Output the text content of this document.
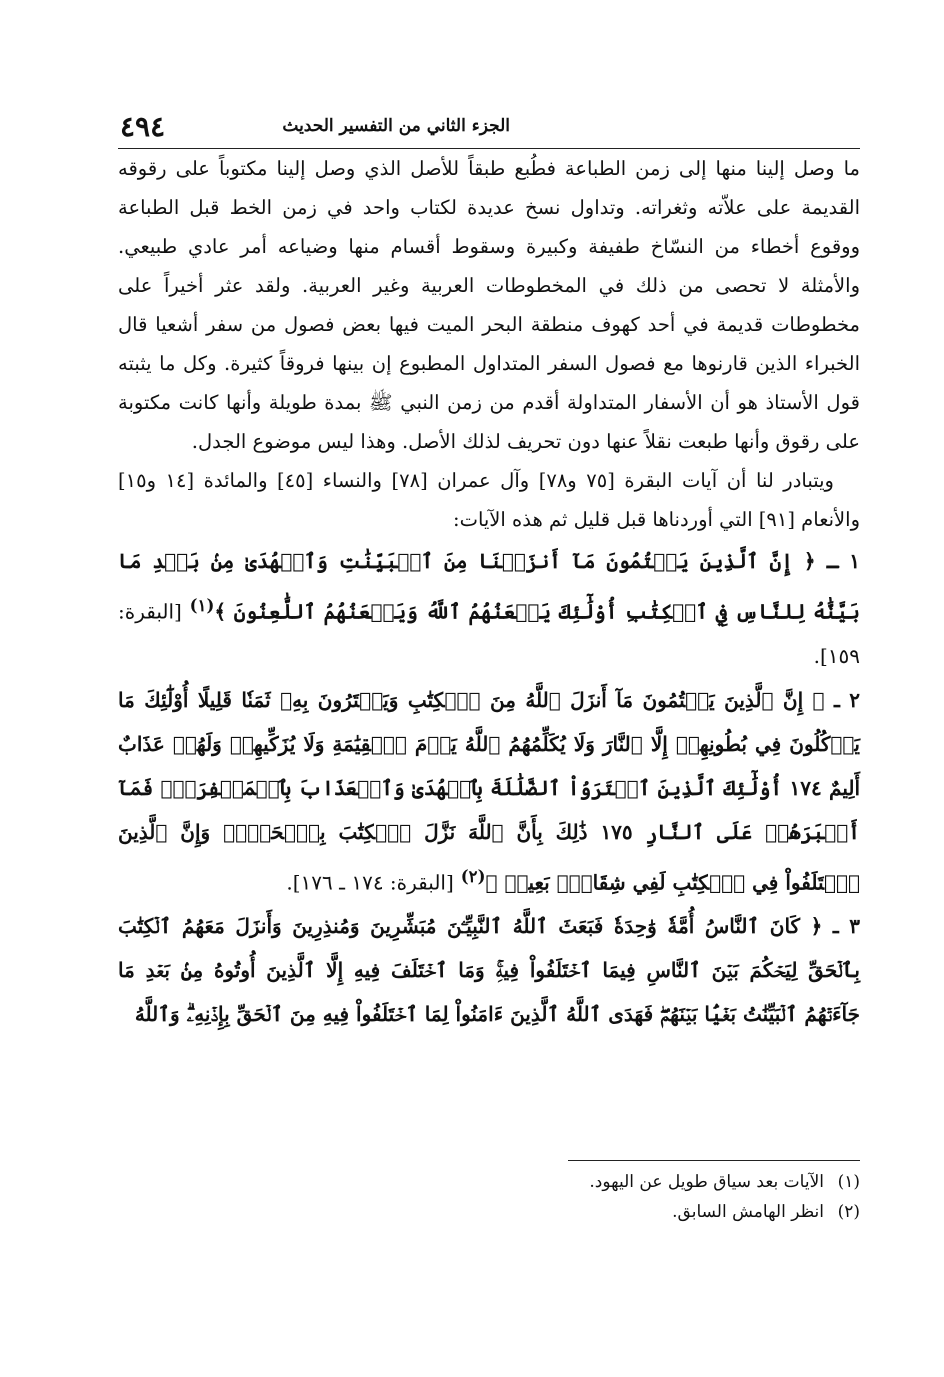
الجزء الثاني من التفسير الحديث
٤٩٤

ما وصل إلينا منها إلى زمن الطباعة فطُبع طبقاً للأصل الذي وصل إلينا مكتوباً على رقوقه القديمة على علاّته وثغراته. وتداول نسخ عديدة لكتاب واحد في زمن الخط قبل الطباعة ووقوع أخطاء من النسّاخ طفيفة وكبيرة وسقوط أقسام منها وضياعه أمر عادي طبيعي. والأمثلة لا تحصى من ذلك في المخطوطات العربية وغير العربية. ولقد عثر أخيراً على مخطوطات قديمة في أحد كهوف منطقة البحر الميت فيها بعض فصول من سفر أشعيا قال الخبراء الذين قارنوها مع فصول السفر المتداول المطبوع إن بينها فروقاً كثيرة. وكل ما يثبته قول الأستاذ هو أن الأسفار المتداولة أقدم من زمن النبي ﷺ بمدة طويلة وأنها كانت مكتوبة على رقوق وأنها طبعت نقلاً عنها دون تحريف لذلك الأصل. وهذا ليس موضوع الجدل.

ويتبادر لنا أن آيات البقرة [٧٥ و٧٨] وآل عمران [٧٨] والنساء [٤٥] والمائدة [١٤ و١٥] والأنعام [٩١] التي أوردناها قبل قليل ثم هذه الآيات:

١ ـ ﴿ إِنَّ ٱلَّذِينَ يَكۡتُمُونَ مَآ أَنزَلۡنَا مِنَ ٱلۡبَيِّنَٰتِ وَٱلۡهُدَىٰ مِنۢ بَعۡدِ مَا بَيَّنَّٰهُ لِلنَّاسِ فِي ٱلۡكِتَٰبِ أُوْلَٰٓئِكَ يَلۡعَنُهُمُ ٱللَّهُ وَيَلۡعَنُهُمُ ٱللَّٰعِنُونَ ﴾$^{(١)}$ [البقرة: ١٥٩].

٢ ـ ﴿ إِنَّ ٱلَّذِينَ يَكۡتُمُونَ مَآ أَنزَلَ ٱللَّهُ مِنَ ٱلۡكِتَٰبِ وَيَشۡتَرُونَ بِهِۦ ثَمَنٗا قَلِيلًا أُوْلَٰٓئِكَ مَا يَأۡكُلُونَ فِي بُطُونِهِمۡ إِلَّا ٱلنَّارَ وَلَا يُكَلِّمُهُمُ ٱللَّهُ يَوۡمَ ٱلۡقِيَٰمَةِ وَلَا يُزَكِّيهِمۡ وَلَهُمۡ عَذَابٌ أَلِيمٌ ١٧٤ أُوْلَٰٓئِكَ ٱلَّذِينَ ٱشۡتَرَوُاْ ٱلضَّلَٰلَةَ بِٱلۡهُدَىٰ وَٱلۡعَذَابَ بِٱلۡمَغۡفِرَةِۚ فَمَآ أَصۡبَرَهُمۡ عَلَى ٱلنَّارِ ١٧٥ ذَٰلِكَ بِأَنَّ ٱللَّهَ نَزَّلَ ٱلۡكِتَٰبَ بِٱلۡحَقِّۗ وَإِنَّ ٱلَّذِينَ ٱخۡتَلَفُواْ فِي ٱلۡكِتَٰبِ لَفِي شِقَاقِۭ بَعِيدٖ ﴾$^{(٢)}$ [البقرة: ١٧٤ ـ ١٧٦].

٣ ـ ﴿ كَانَ ٱلنَّاسُ أُمَّةٗ وَٰحِدَةٗ فَبَعَثَ ٱللَّهُ ٱلنَّبِيِّـۧنَ مُبَشِّرِينَ وَمُنذِرِينَ وَأَنزَلَ مَعَهُمُ ٱلۡكِتَٰبَ بِٱلۡحَقِّ لِيَحۡكُمَ بَيۡنَ ٱلنَّاسِ فِيمَا ٱخۡتَلَفُواْ فِيهِۚ وَمَا ٱخۡتَلَفَ فِيهِ إِلَّا ٱلَّذِينَ أُوتُوهُ مِنۢ بَعۡدِ مَا جَآءَتۡهُمُ ٱلۡبَيِّنَٰتُ بَغۡيَۢا بَيۡنَهُمۡۖ فَهَدَى ٱللَّهُ ٱلَّذِينَ ءَامَنُواْ لِمَا ٱخۡتَلَفُواْ فِيهِ مِنَ ٱلۡحَقِّ بِإِذۡنِهِۦۗ وَٱللَّهُ

(١)الآيات بعد سياق طويل عن اليهود.
(٢)انظر الهامش السابق.
